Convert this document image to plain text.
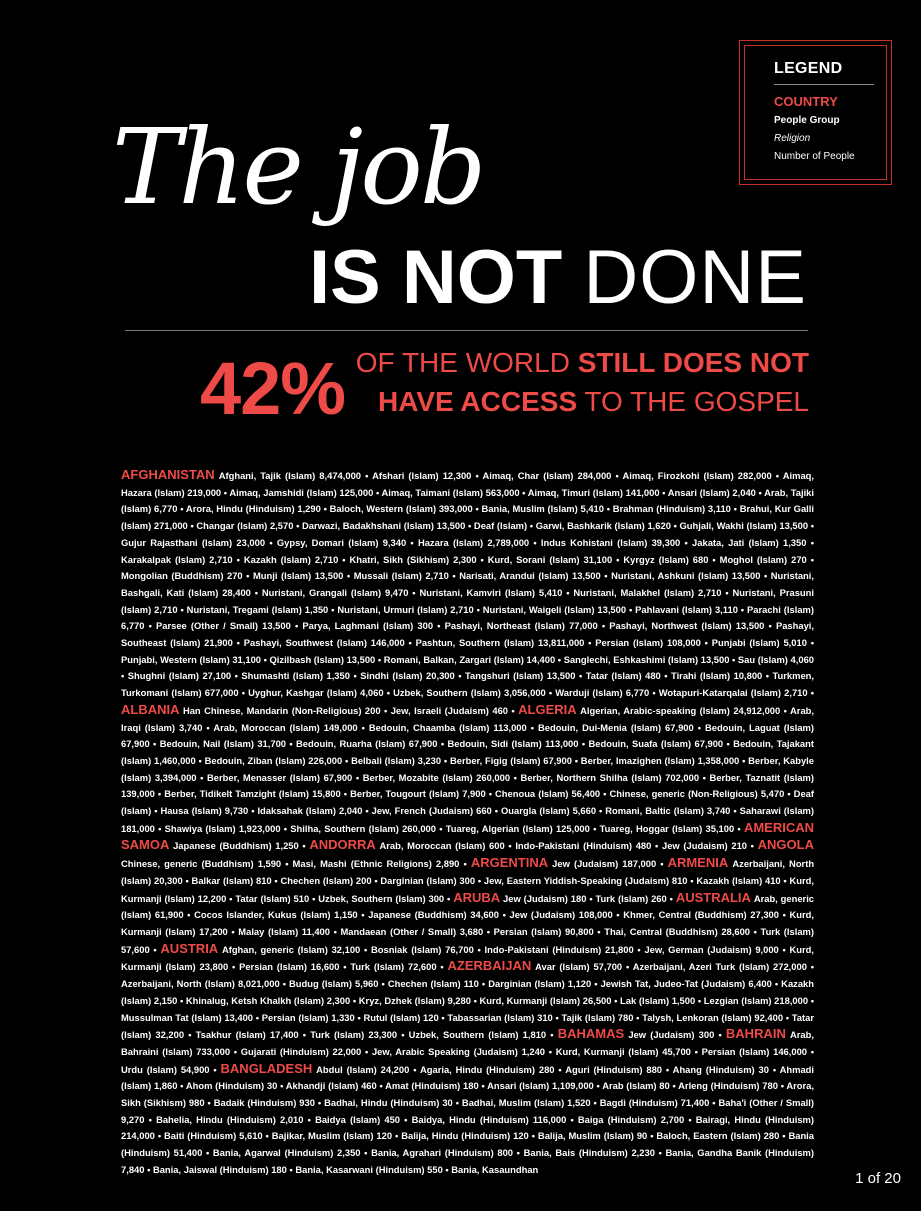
LEGEND
COUNTRY
People Group
Religion
Number of People
The job
IS NOT DONE
42% OF THE WORLD STILL DOES NOT
HAVE ACCESS TO THE GOSPEL
AFGHANISTAN Afghani, Tajik (Islam) 8,474,000 • Afshari (Islam) 12,300 • Aimaq, Char (Islam) 284,000 • Aimaq, Firozkohi (Islam) 282,000 • Aimaq, Hazara (Islam) 219,000 • Aimaq, Jamshidi (Islam) 125,000 • Aimaq, Taimani (Islam) 563,000 • Aimaq, Timuri (Islam) 141,000 • Ansari (Islam) 2,040 • Arab, Tajiki (Islam) 6,770 • Arora, Hindu (Hinduism) 1,290 • Baloch, Western (Islam) 393,000 • Bania, Muslim (Islam) 5,410 • Brahman (Hinduism) 3,110 • Brahui, Kur Galli (Islam) 271,000 • Changar (Islam) 2,570 • Darwazi, Badakhshani (Islam) 13,500 • Deaf (Islam) • Garwi, Bashkarik (Islam) 1,620 • Guhjali, Wakhi (Islam) 13,500 • Gujur Rajasthani (Islam) 23,000 • Gypsy, Domari (Islam) 9,340 • Hazara (Islam) 2,789,000 • Indus Kohistani (Islam) 39,300 • Jakata, Jati (Islam) 1,350 • Karakalpak (Islam) 2,710 • Kazakh (Islam) 2,710 • Khatri, Sikh (Sikhism) 2,300 • Kurd, Sorani (Islam) 31,100 • Kyrgyz (Islam) 680 • Moghol (Islam) 270 • Mongolian (Buddhism) 270 • Munji (Islam) 13,500 • Mussali (Islam) 2,710 • Narisati, Arandui (Islam) 13,500 • Nuristani, Ashkuni (Islam) 13,500 • Nuristani, Bashgali, Kati (Islam) 28,400 • Nuristani, Grangali (Islam) 9,470 • Nuristani, Kamviri (Islam) 5,410 • Nuristani, Malakhel (Islam) 2,710 • Nuristani, Prasuni (Islam) 2,710 • Nuristani, Tregami (Islam) 1,350 • Nuristani, Urmuri (Islam) 2,710 • Nuristani, Waigeli (Islam) 13,500 • Pahlavani (Islam) 3,110 • Parachi (Islam) 6,770 • Parsee (Other / Small) 13,500 • Parya, Laghmani (Islam) 300 • Pashayi, Northeast (Islam) 77,000 • Pashayi, Northwest (Islam) 13,500 • Pashayi, Southeast (Islam) 21,900 • Pashayi, Southwest (Islam) 146,000 • Pashtun, Southern (Islam) 13,811,000 • Persian (Islam) 108,000 • Punjabi (Islam) 5,010 • Punjabi, Western (Islam) 31,100 • Qizilbash (Islam) 13,500 • Romani, Balkan, Zargari (Islam) 14,400 • Sanglechi, Eshkashimi (Islam) 13,500 • Sau (Islam) 4,060 • Shughni (Islam) 27,100 • Shumashti (Islam) 1,350 • Sindhi (Islam) 20,300 • Tangshuri (Islam) 13,500 • Tatar (Islam) 480 • Tirahi (Islam) 10,800 • Turkmen, Turkomani (Islam) 677,000 • Uyghur, Kashgar (Islam) 4,060 • Uzbek, Southern (Islam) 3,056,000 • Warduji (Islam) 6,770 • Wotapuri-Katarqalai (Islam) 2,710 • ALBANIA Han Chinese, Mandarin (Non-Religious) 200 • Jew, Israeli (Judaism) 460 • ALGERIA Algerian, Arabic-speaking (Islam) 24,912,000 • Arab, Iraqi (Islam) 3,740 • Arab, Moroccan (Islam) 149,000 • Bedouin, Chaamba (Islam) 113,000 • Bedouin, Dui-Menia (Islam) 67,900 • Bedouin, Laguat (Islam) 67,900 • Bedouin, Nail (Islam) 31,700 • Bedouin, Ruarha (Islam) 67,900 • Bedouin, Sidi (Islam) 113,000 • Bedouin, Suafa (Islam) 67,900 • Bedouin, Tajakant (Islam) 1,460,000 • Bedouin, Ziban (Islam) 226,000 • Belbali (Islam) 3,230 • Berber, Figig (Islam) 67,900 • Berber, Imazighen (Islam) 1,358,000 • Berber, Kabyle (Islam) 3,394,000 • Berber, Menasser (Islam) 67,900 • Berber, Mozabite (Islam) 260,000 • Berber, Northern Shilha (Islam) 702,000 • Berber, Taznatit (Islam) 139,000 • Berber, Tidikelt Tamzight (Islam) 15,800 • Berber, Tougourt (Islam) 7,900 • Chenoua (Islam) 56,400 • Chinese, generic (Non-Religious) 5,470 • Deaf (Islam) • Hausa (Islam) 9,730 • Idaksahak (Islam) 2,040 • Jew, French (Judaism) 660 • Ouargla (Islam) 5,660 • Romani, Baltic (Islam) 3,740 • Saharawi (Islam) 181,000 • Shawiya (Islam) 1,923,000 • Shilha, Southern (Islam) 260,000 • Tuareg, Algerian (Islam) 125,000 • Tuareg, Hoggar (Islam) 35,100 • AMERICAN SAMOA Japanese (Buddhism) 1,250 • ANDORRA Arab, Moroccan (Islam) 600 • Indo-Pakistani (Hinduism) 480 • Jew (Judaism) 210 • ANGOLA Chinese, generic (Buddhism) 1,590 • Masi, Mashi (Ethnic Religions) 2,890 • ARGENTINA Jew (Judaism) 187,000 • ARMENIA Azerbaijani, North (Islam) 20,300 • Balkar (Islam) 810 • Chechen (Islam) 200 • Darginian (Islam) 300 • Jew, Eastern Yiddish-Speaking (Judaism) 810 • Kazakh (Islam) 410 • Kurd, Kurmanji (Islam) 12,200 • Tatar (Islam) 510 • Uzbek, Southern (Islam) 300 • ARUBA Jew (Judaism) 180 • Turk (Islam) 260 • AUSTRALIA Arab, generic (Islam) 61,900 • Cocos Islander, Kukus (Islam) 1,150 • Japanese (Buddhism) 34,600 • Jew (Judaism) 108,000 • Khmer, Central (Buddhism) 27,300 • Kurd, Kurmanji (Islam) 17,200 • Malay (Islam) 11,400 • Mandaean (Other / Small) 3,680 • Persian (Islam) 90,800 • Thai, Central (Buddhism) 28,600 • Turk (Islam) 57,600 • AUSTRIA Afghan, generic (Islam) 32,100 • Bosniak (Islam) 76,700 • Indo-Pakistani (Hinduism) 21,800 • Jew, German (Judaism) 9,000 • Kurd, Kurmanji (Islam) 23,800 • Persian (Islam) 16,600 • Turk (Islam) 72,600 • AZERBAIJAN Avar (Islam) 57,700 • Azerbaijani, Azeri Turk (Islam) 272,000 • Azerbaijani, North (Islam) 8,021,000 • Budug (Islam) 5,960 • Chechen (Islam) 110 • Darginian (Islam) 1,120 • Jewish Tat, Judeo-Tat (Judaism) 6,400 • Kazakh (Islam) 2,150 • Khinalug, Ketsh Khalkh (Islam) 2,300 • Kryz, Dzhek (Islam) 9,280 • Kurd, Kurmanji (Islam) 26,500 • Lak (Islam) 1,500 • Lezgian (Islam) 218,000 • Mussulman Tat (Islam) 13,400 • Persian (Islam) 1,330 • Rutul (Islam) 120 • Tabassarian (Islam) 310 • Tajik (Islam) 780 • Talysh, Lenkoran (Islam) 92,400 • Tatar (Islam) 32,200 • Tsakhur (Islam) 17,400 • Turk (Islam) 23,300 • Uzbek, Southern (Islam) 1,810 • BAHAMAS Jew (Judaism) 300 • BAHRAIN Arab, Bahraini (Islam) 733,000 • Gujarati (Hinduism) 22,000 • Jew, Arabic Speaking (Judaism) 1,240 • Kurd, Kurmanji (Islam) 45,700 • Persian (Islam) 146,000 • Urdu (Islam) 54,900 • BANGLADESH Abdul (Islam) 24,200 • Agaria, Hindu (Hinduism) 280 • Aguri (Hinduism) 880 • Ahang (Hinduism) 30 • Ahmadi (Islam) 1,860 • Ahom (Hinduism) 30 • Akhandji (Islam) 460 • Amat (Hinduism) 180 • Ansari (Islam) 1,109,000 • Arab (Islam) 80 • Arleng (Hinduism) 780 • Arora, Sikh (Sikhism) 980 • Badaik (Hinduism) 930 • Badhai, Hindu (Hinduism) 30 • Badhai, Muslim (Islam) 1,520 • Bagdi (Hinduism) 71,400 • Baha'i (Other / Small) 9,270 • Bahelia, Hindu (Hinduism) 2,010 • Baidya (Islam) 450 • Baidya, Hindu (Hinduism) 116,000 • Baiga (Hinduism) 2,700 • Bairagi, Hindu (Hinduism) 214,000 • Baiti (Hinduism) 5,610 • Bajikar, Muslim (Islam) 120 • Balija, Hindu (Hinduism) 120 • Balija, Muslim (Islam) 90 • Baloch, Eastern (Islam) 280 • Bania (Hinduism) 51,400 • Bania, Agarwal (Hinduism) 2,350 • Bania, Agrahari (Hinduism) 800 • Bania, Bais (Hinduism) 2,230 • Bania, Gandha Banik (Hinduism) 7,840 • Bania, Jaiswal (Hinduism) 180 • Bania, Kasarwani (Hinduism) 550 • Bania, Kasaundhan
1 of 20
